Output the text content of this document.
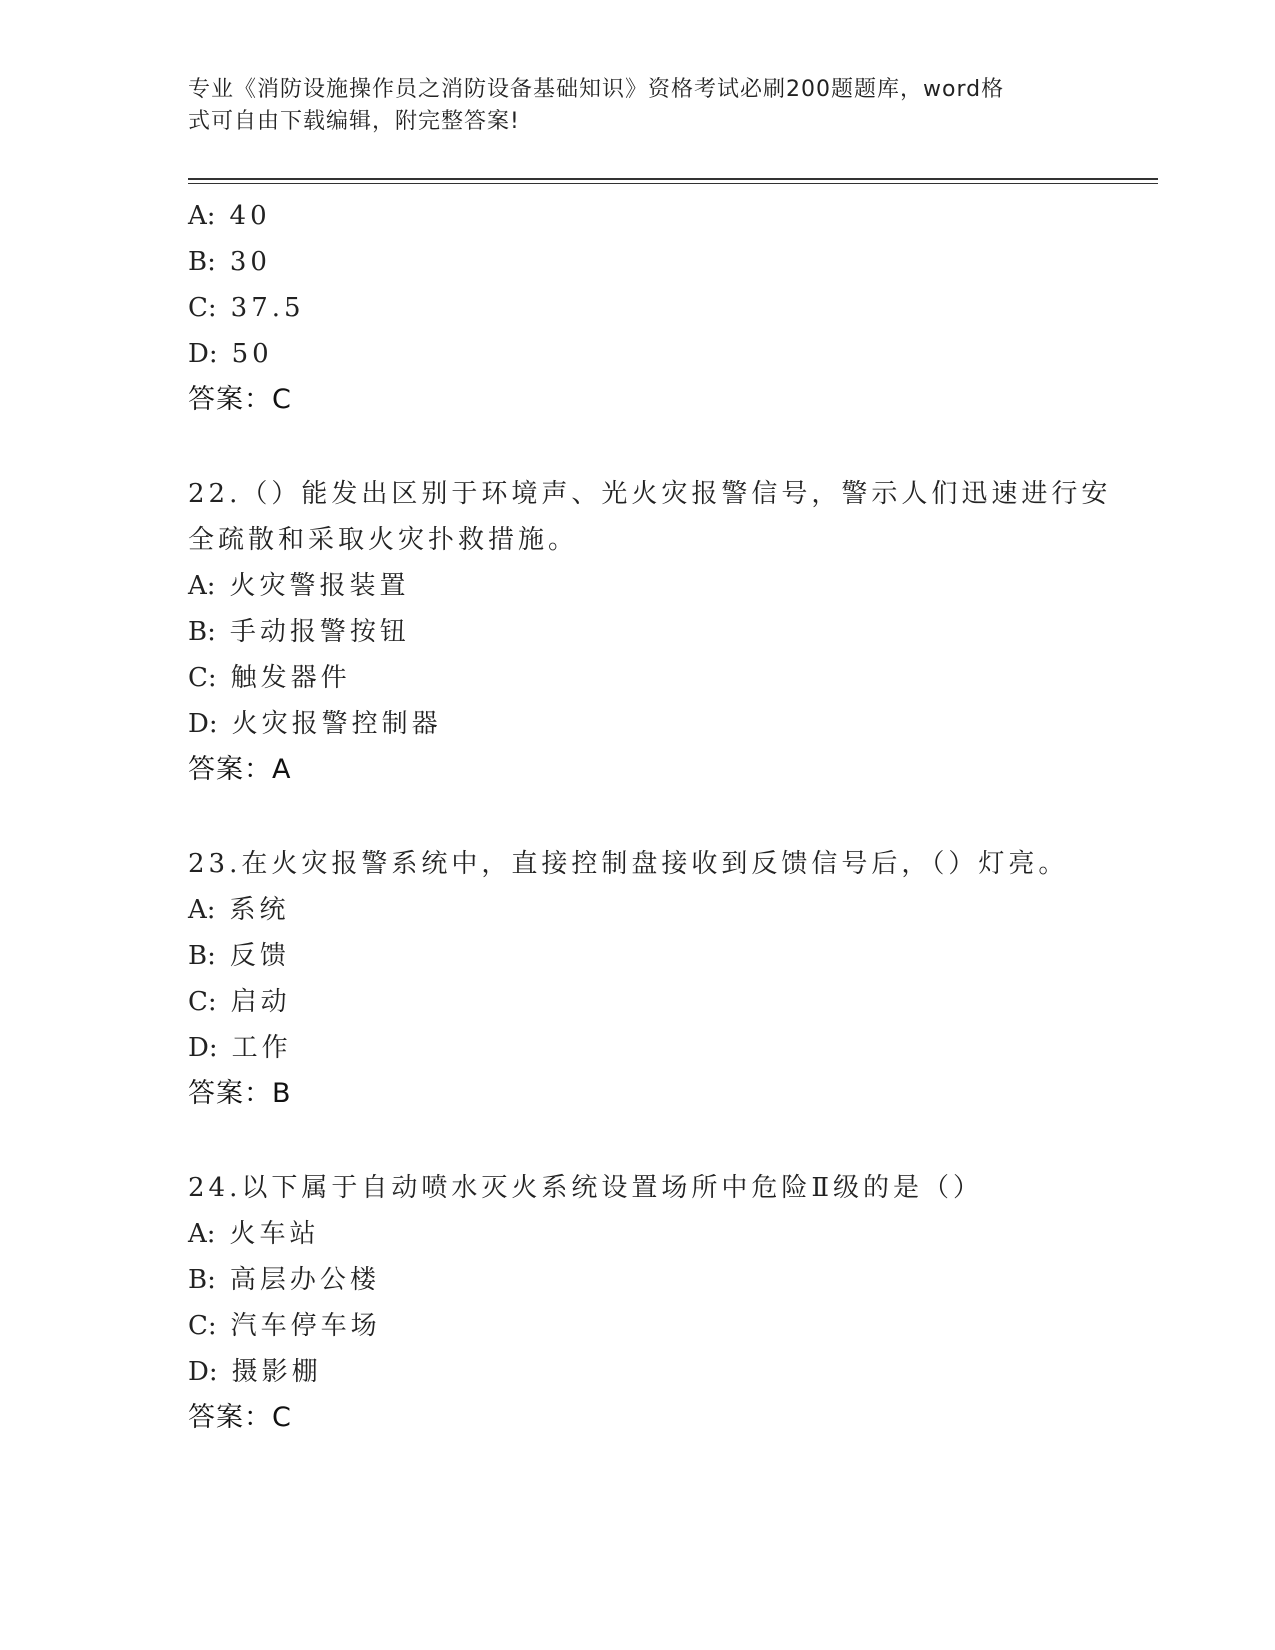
专业《消防设施操作员之消防设备基础知识》资格考试必刷200题题库，word格
式可自由下载编辑，附完整答案!
A: 40
B: 30
C: 37.5
D: 50
答案：C
22.（）能发出区别于环境声、光火灾报警信号，警示人们迅速进行安
全疏散和采取火灾扑救措施。
A: 火灾警报装置
B: 手动报警按钮
C: 触发器件
D: 火灾报警控制器
答案：A
23.在火灾报警系统中，直接控制盘接收到反馈信号后，（）灯亮。
A: 系统
B: 反馈
C: 启动
D: 工作
答案：B
24.以下属于自动喷水灭火系统设置场所中危险Ⅱ级的是（）
A: 火车站
B: 高层办公楼
C: 汽车停车场
D: 摄影棚
答案：C
